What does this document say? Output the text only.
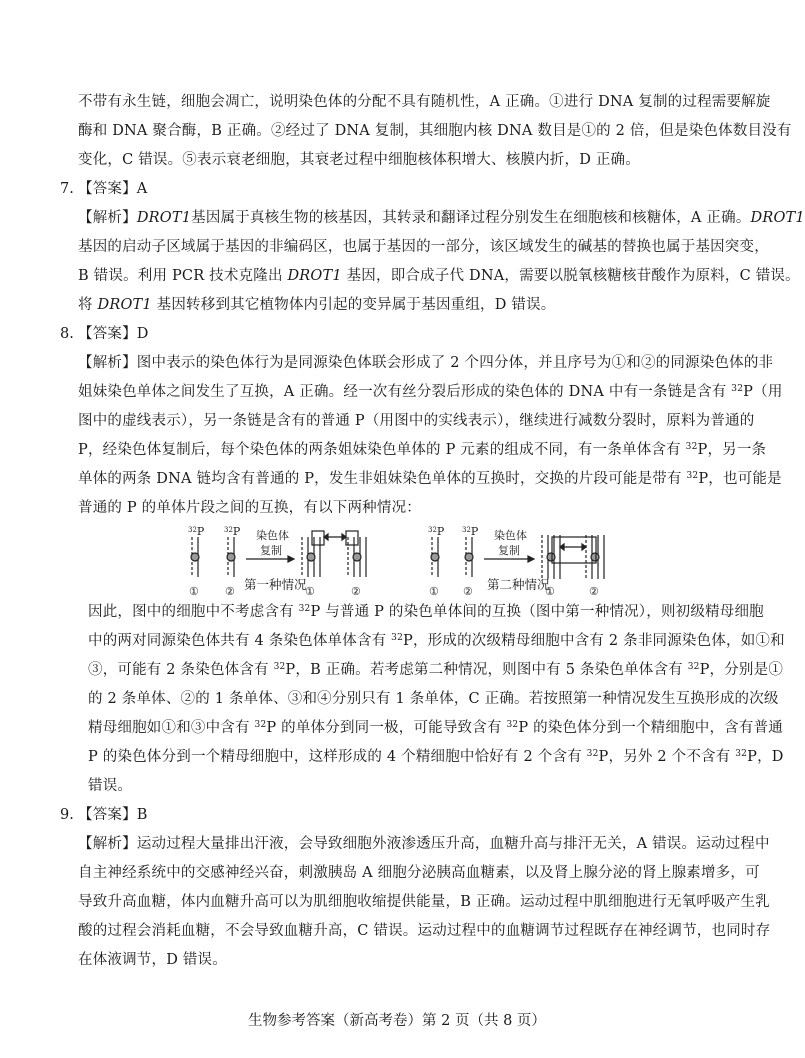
不带有永生链，细胞会凋亡，说明染色体的分配不具有随机性，A 正确。①进行 DNA 复制的过程需要解旋
酶和 DNA 聚合酶，B 正确。②经过了 DNA 复制，其细胞内核 DNA 数目是①的 2 倍，但是染色体数目没有
变化，C 错误。⑤表示衰老细胞，其衰老过程中细胞核体积增大、核膜内折，D 正确。
7. 【答案】A
【解析】DROT1基因属于真核生物的核基因，其转录和翻译过程分别发生在细胞核和核糖体，A 正确。DROT1
基因的启动子区域属于基因的非编码区，也属于基因的一部分，该区域发生的碱基的替换也属于基因突变，
B 错误。利用 PCR 技术克隆出 DROT1 基因，即合成子代 DNA，需要以脱氧核糖核苷酸作为原料，C 错误。
将 DROT1 基因转移到其它植物体内引起的变异属于基因重组，D 错误。
8. 【答案】D
【解析】图中表示的染色体行为是同源染色体联会形成了 2 个四分体，并且序号为①和②的同源染色体的非
姐妹染色单体之间发生了互换，A 正确。经一次有丝分裂后形成的染色体的 DNA 中有一条链是含有 $^{32}$P（用
图中的虚线表示），另一条链是含有的普通 P（用图中的实线表示），继续进行减数分裂时，原料为普通的
P，经染色体复制后，每个染色体的两条姐妹染色单体的 P 元素的组成不同，有一条单体含有 $^{32}$P，另一条
单体的两条 DNA 链均含有普通的 P，发生非姐妹染色单体的互换时，交换的片段可能是带有 $^{32}$P，也可能是
普通的 P 的单体片段之间的互换，有以下两种情况：
$^{32}$P	$^{32}$P 染色体
复制
$^{32}$P	$^{32}$P 染色体
复制
① ②	①	②	① ②	①	②
第一种情况	第二种情况
因此，图中的细胞中不考虑含有 $^{32}$P 与普通 P 的染色单体间的互换（图中第一种情况），则初级精母细胞
中的两对同源染色体共有 4 条染色体单体含有 $^{32}$P，形成的次级精母细胞中含有 2 条非同源染色体，如①和
③，可能有 2 条染色体含有 $^{32}$P，B 正确。若考虑第二种情况，则图中有 5 条染色单体含有 $^{32}$P，分别是①
的 2 条单体、②的 1 条单体、③和④分别只有 1 条单体，C 正确。若按照第一种情况发生互换形成的次级
精母细胞如①和③中含有 $^{32}$P 的单体分到同一极，可能导致含有 $^{32}$P 的染色体分到一个精细胞中，含有普通
P 的染色体分到一个精母细胞中，这样形成的 4 个精细胞中恰好有 2 个含有 $^{32}$P，另外 2 个不含有 $^{32}$P，D
错误。
9. 【答案】B
【解析】运动过程大量排出汗液，会导致细胞外液渗透压升高，血糖升高与排汗无关，A 错误。运动过程中
自主神经系统中的交感神经兴奋，刺激胰岛 A 细胞分泌胰高血糖素，以及肾上腺分泌的肾上腺素增多，可
导致升高血糖，体内血糖升高可以为肌细胞收缩提供能量，B 正确。运动过程中肌细胞进行无氧呼吸产生乳
酸的过程会消耗血糖，不会导致血糖升高，C 错误。运动过程中的血糖调节过程既存在神经调节，也同时存
在体液调节，D 错误。
生物参考答案（新高考卷）第 2 页（共 8 页）
